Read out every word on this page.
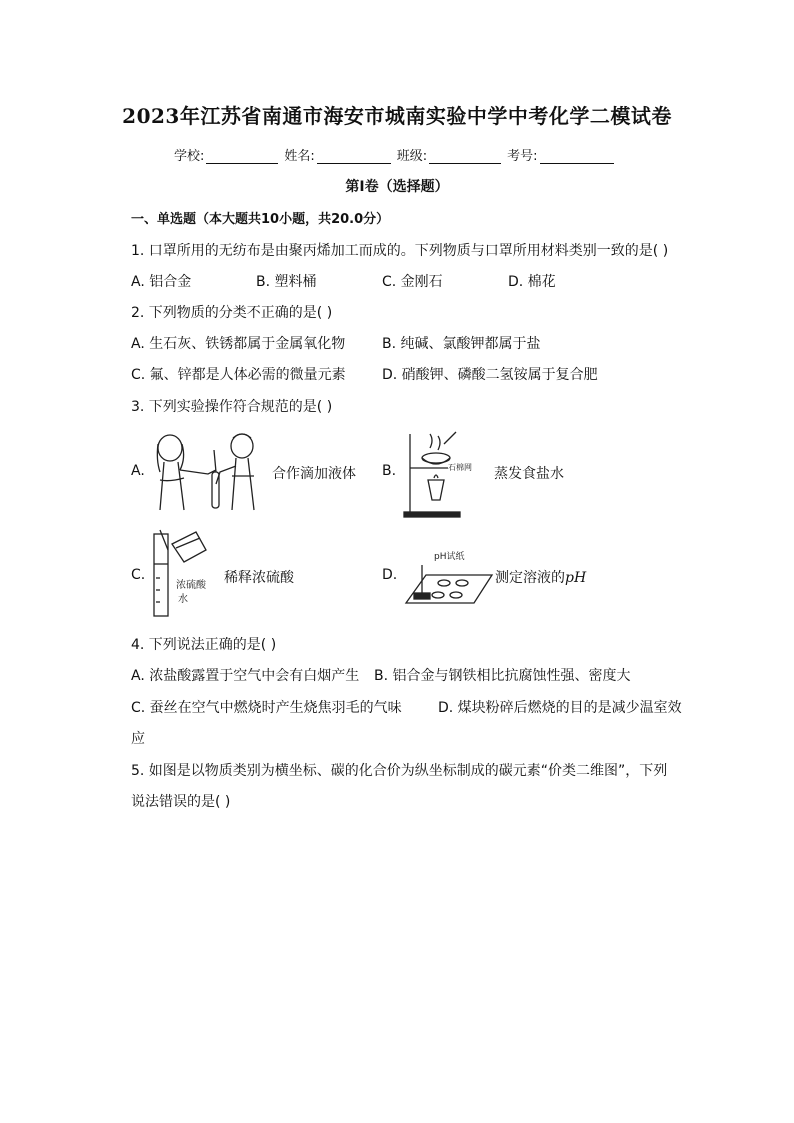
2023年江苏省南通市海安市城南实验中学中考化学二模试卷
学校:	姓名:	班级:	考号:
第I卷（选择题）
一、单选题（本大题共10小题，共20.0分）
1. 口罩所用的无纺布是由聚丙烯加工而成的。下列物质与口罩所用材料类别一致的是( )
A. 铝合金	B. 塑料桶	C. 金刚石	D. 棉花
2. 下列物质的分类不正确的是( )
A. 生石灰、铁锈都属于金属氧化物	B. 纯碱、氯酸钾都属于盐
C. 氟、锌都是人体必需的微量元素	D. 硝酸钾、磷酸二氢铵属于复合肥
3. 下列实验操作符合规范的是( )
A.	合作滴加液体 B.	石棉网 蒸发食盐水
C.
浓硫酸
水
稀释浓硫酸	D.
pH试纸
测定溶液的pH
4. 下列说法正确的是( )
A. 浓盐酸露置于空气中会有白烟产生 B. 铝合金与钢铁相比抗腐蚀性强、密度大
C. 蚕丝在空气中燃烧时产生烧焦羽毛的气味	D. 煤块粉碎后燃烧的目的是减少温室效
应
5. 如图是以物质类别为横坐标、碳的化合价为纵坐标制成的碳元素“价类二维图”，下列
说法错误的是( )
